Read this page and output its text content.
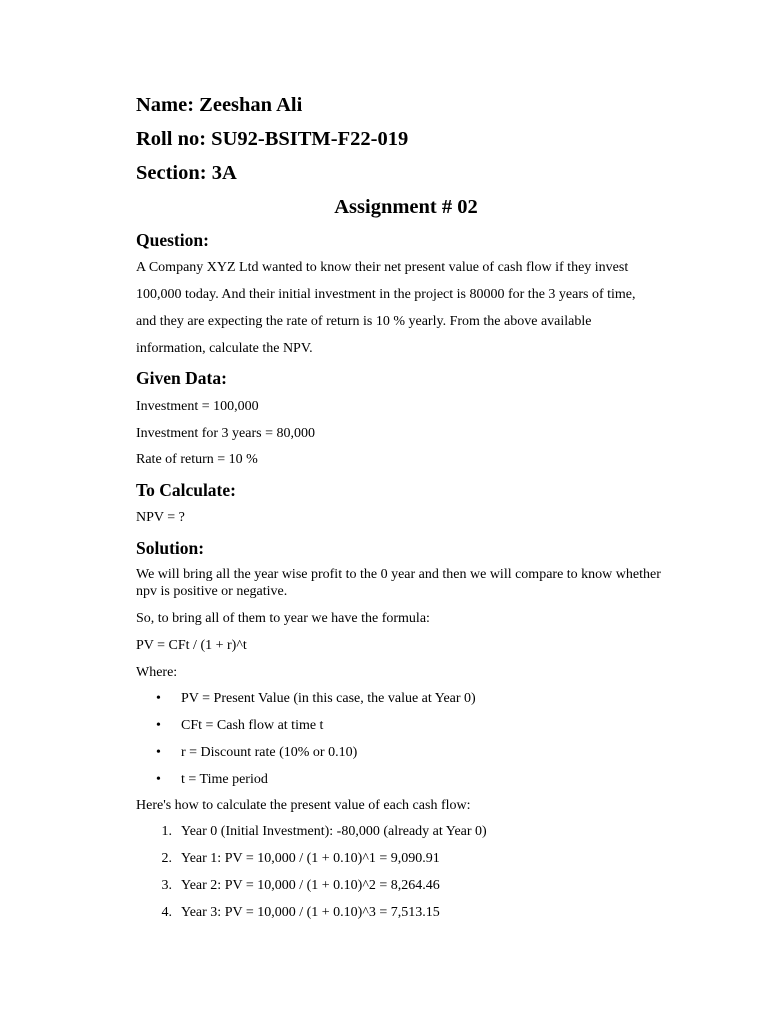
Name: Zeeshan Ali
Roll no: SU92-BSITM-F22-019
Section: 3A
Assignment # 02
Question:
A Company XYZ Ltd wanted to know their net present value of cash flow if they invest
100,000 today. And their initial investment in the project is 80000 for the 3 years of time,
and they are expecting the rate of return is 10 % yearly. From the above available
information, calculate the NPV.
Given Data:
Investment = 100,000
Investment for 3 years = 80,000
Rate of return = 10 %
To Calculate:
NPV = ?
Solution:
We will bring all the year wise profit to the 0 year and then we will compare to know whether npv is positive or negative.
So, to bring all of them to year we have the formula:
PV = CFt / (1 + r)^t
Where:
• PV = Present Value (in this case, the value at Year 0)
• CFt = Cash flow at time t
• r = Discount rate (10% or 0.10)
• t = Time period
Here's how to calculate the present value of each cash flow:
1. Year 0 (Initial Investment): -80,000 (already at Year 0)
2. Year 1: PV = 10,000 / (1 + 0.10)^1 = 9,090.91
3. Year 2: PV = 10,000 / (1 + 0.10)^2 = 8,264.46
4. Year 3: PV = 10,000 / (1 + 0.10)^3 = 7,513.15
